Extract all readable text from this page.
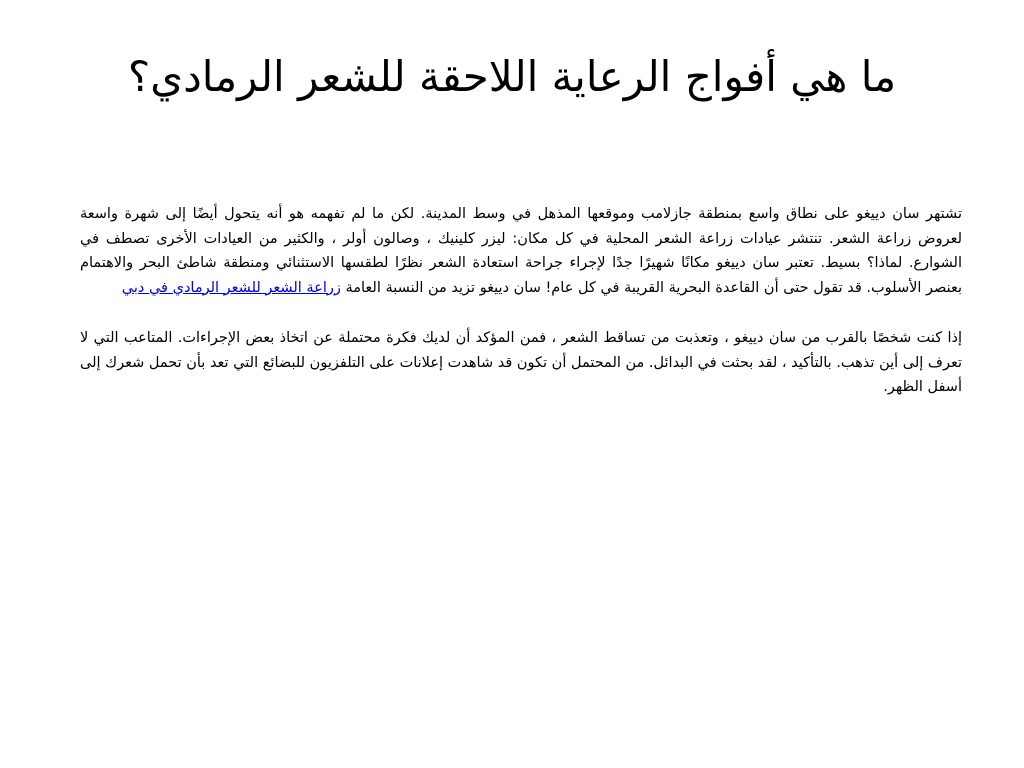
ما هي أفواج الرعاية اللاحقة للشعر الرمادي؟

تشتهر سان دييغو على نطاق واسع بمنطقة جازلامب وموقعها المذهل في وسط المدينة. لكن ما لم تفهمه هو أنه يتحول أيضًا إلى شهرة واسعة لعروض زراعة الشعر. تنتشر عيادات زراعة الشعر المحلية في كل مكان: ليزر كلينيك ، وصالون أولر ، والكثير من العيادات الأخرى تصطف في الشوارع. لماذا؟ بسيط. تعتبر سان دييغو مكانًا شهيرًا جدًا لإجراء جراحة استعادة الشعر نظرًا لطقسها الاستثنائي ومنطقة شاطئ البحر والاهتمام بعنصر الأسلوب. قد تقول حتى أن القاعدة البحرية القريبة في كل عام! سان دييغو تزيد من النسبة العامة زراعة الشعر للشعر الرمادي في دبي

إذا كنت شخصًا بالقرب من سان دييغو ، وتعذبت من تساقط الشعر ، فمن المؤكد أن لديك فكرة محتملة عن اتخاذ بعض الإجراءات. المتاعب التي لا تعرف إلى أين تذهب. بالتأكيد ، لقد بحثت في البدائل. من المحتمل أن تكون قد شاهدت إعلانات على التلفزيون للبضائع التي تعد بأن تحمل شعرك إلى أسفل الظهر.
